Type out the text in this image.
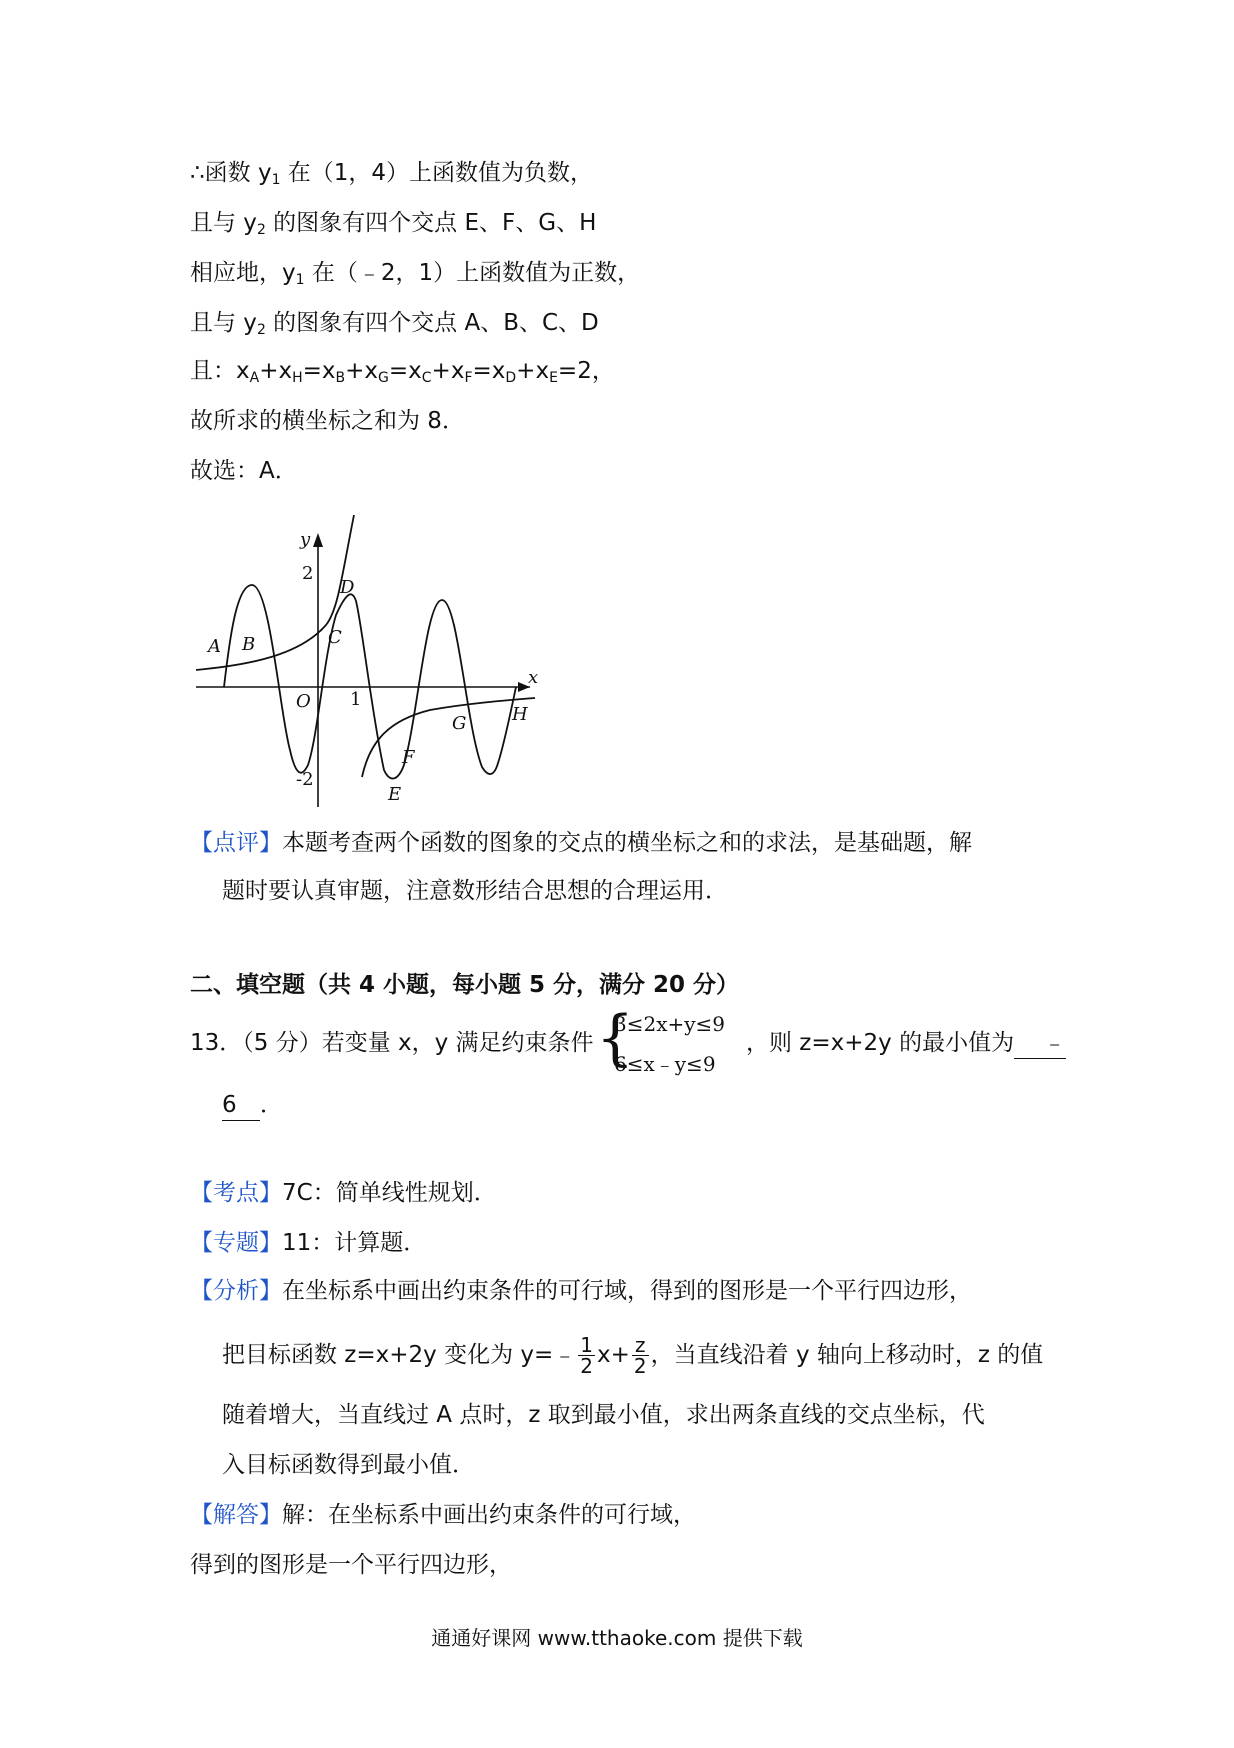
∴函数 $y_1$ 在（1，4）上函数值为负数，
且与 $y_2$ 的图象有四个交点 E、F、G、H
相应地，$y_1$ 在（﹣2，1）上函数值为正数，
且与 $y_2$ 的图象有四个交点 A、B、C、D
且：$x_A+x_H=x_B+x_G=x_C+x_F=x_D+x_E=2$，
故所求的横坐标之和为 8．
故选：A．
y
x
O 1
2
-2
A B	C
D
E
F
G	H
【点评】本题考查两个函数的图象的交点的横坐标之和的求法，是基础题，解
题时要认真审题，注意数形结合思想的合理运用．
二、填空题（共 4 小题，每小题 5 分，满分 20 分）
13．（5 分）若变量 x，y 满足约束条件 {
3≤2x+y≤9
6≤x﹣y≤9
，则 z=x+2y 的最小值为 ﹣
6 ．
【考点】7C：简单线性规划．
【专题】11：计算题．
【分析】在坐标系中画出约束条件的可行域，得到的图形是一个平行四边形，
把目标函数 z=x+2y 变化为 y=﹣ $\frac{1}{2} x+ \frac{z}{2}$ ，当直线沿着 y 轴向上移动时，z 的值
随着增大，当直线过 A 点时，z 取到最小值，求出两条直线的交点坐标，代
入目标函数得到最小值．
【解答】解：在坐标系中画出约束条件的可行域，
得到的图形是一个平行四边形，
通通好课网 www.tthaoke.com 提供下载
